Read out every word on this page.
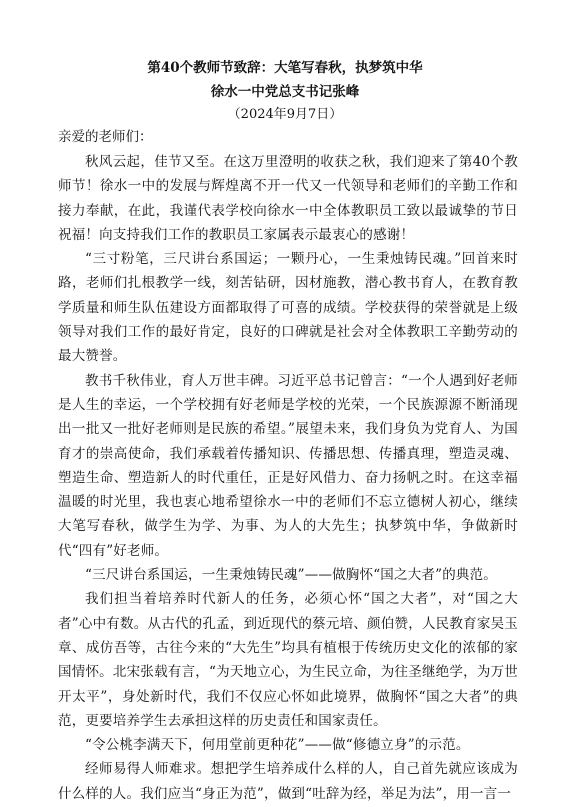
第40个教师节致辞：大笔写春秋，执梦筑中华
徐水一中党总支书记张峰
（2024年9月7日）
亲爱的老师们：

秋风云起，佳节又至。在这万里澄明的收获之秋，我们迎来了第40个教师节！徐水一中的发展与辉煌离不开一代又一代领导和老师们的辛勤工作和接力奉献，在此，我谨代表学校向徐水一中全体教职员工致以最诚挚的节日祝福！向支持我们工作的教职员工家属表示最衷心的感谢！

“三寸粉笔，三尺讲台系国运；一颗丹心，一生秉烛铸民魂。”回首来时路，老师们扎根教学一线，刻苦钻研，因材施教，潜心教书育人，在教育教学质量和师生队伍建设方面都取得了可喜的成绩。学校获得的荣誉就是上级领导对我们工作的最好肯定，良好的口碑就是社会对全体教职工辛勤劳动的最大赞誉。

教书千秋伟业，育人万世丰碑。习近平总书记曾言：“一个人遇到好老师是人生的幸运，一个学校拥有好老师是学校的光荣，一个民族源源不断涌现出一批又一批好老师则是民族的希望。”展望未来，我们身负为党育人、为国育才的崇高使命，我们承载着传播知识、传播思想、传播真理，塑造灵魂、塑造生命、塑造新人的时代重任，正是好风借力、奋力扬帆之时。在这幸福温暖的时光里，我也衷心地希望徐水一中的老师们不忘立德树人初心，继续大笔写春秋，做学生为学、为事、为人的大先生；执梦筑中华，争做新时代“四有”好老师。

“三尺讲台系国运，一生秉烛铸民魂”——做胸怀“国之大者”的典范。

我们担当着培养时代新人的任务，必须心怀“国之大者”，对“国之大者”心中有数。从古代的孔孟，到近现代的蔡元培、颜伯赞，人民教育家吴玉章、成仿吾等，古往今来的“大先生”均具有植根于传统历史文化的浓郁的家国情怀。北宋张载有言，“为天地立心，为生民立命，为往圣继绝学，为万世开太平”，身处新时代，我们不仅应心怀如此境界，做胸怀“国之大者”的典范，更要培养学生去承担这样的历史责任和国家责任。

“令公桃李满天下，何用堂前更种花”——做“修德立身”的示范。

经师易得人师难求。想把学生培养成什么样的人，自己首先就应该成为什么样的人。我们应当“身正为范”，做到“吐辞为经，举足为法”，用一言一
